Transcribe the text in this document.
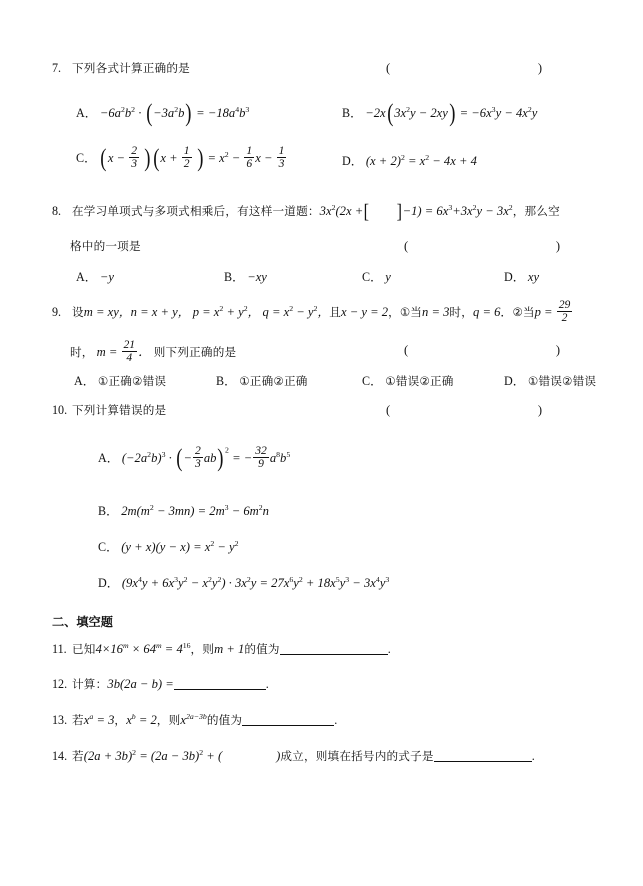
7. 下列各式计算正确的是	(     )
A． $-6a^2b^2 \cdot (-3a^2b) = -18a^4b^3$	B． $-2x(3x^2y - 2xy) = -6x^3y - 4x^2y$
C． $(x - \frac{2}{3} )(x + \frac{1}{2}$ ) = $x^2 - \frac{1}{6}$ $x - \frac{1}{3}$	D． $(x + 2)^2 = x^2 - 4x + 4$
8. 在学习单项式与多项式相乘后，有这样一道题：$3x^2(2x$ +[ ]$-1) = 6x^3+3x^2y - 3x^2$，那么空
格中的一项是	(     )
A． −y	B． −xy	C． y	D． xy
9. 设m = xy，n = x + y， $p = x^2 + y^2$， $q = x^2 - y^2$，且x − y = 2，①当n = 3时，q = 6．②当$p = \frac{29}{2}$
时， $m = \frac{21}{4}$ ． 则下列正确的是	(     )
A． ①正确②错误	B． ①正确②正确	C． ①错误②正确	D． ①错误②错误
10. 下列计算错误的是	(     )
A． $(-2a^2b)^3$ · (− $\frac{2}{3} ab)^2$ = − $\frac{32}{9} a^8b^5$
B． $2m(m^2 - 3mn) = 2m^3 - 6m^2n$
C． $(y + x)(y - x) = x^2 - y^2$
D． $(9x^4y + 6x^3y^2 - x^2y^2) \cdot 3x^2y = 27x^6y^2 + 18x^5y^3 - 3x^4y^3$
二、填空题
11. 已知$4\times 16^m \times 64^m = 4^{16}$，则m + 1的值为	.
12. 计算：3b(2a − b) =	.
13. 若$x^a = 3$，$x^b = 2$，则$x^{2a-3b}$的值为	.
14. 若$(2a + 3b)^2 = (2a - 3b)^2$ + (	)成立，则填在括号内的式子是	.
